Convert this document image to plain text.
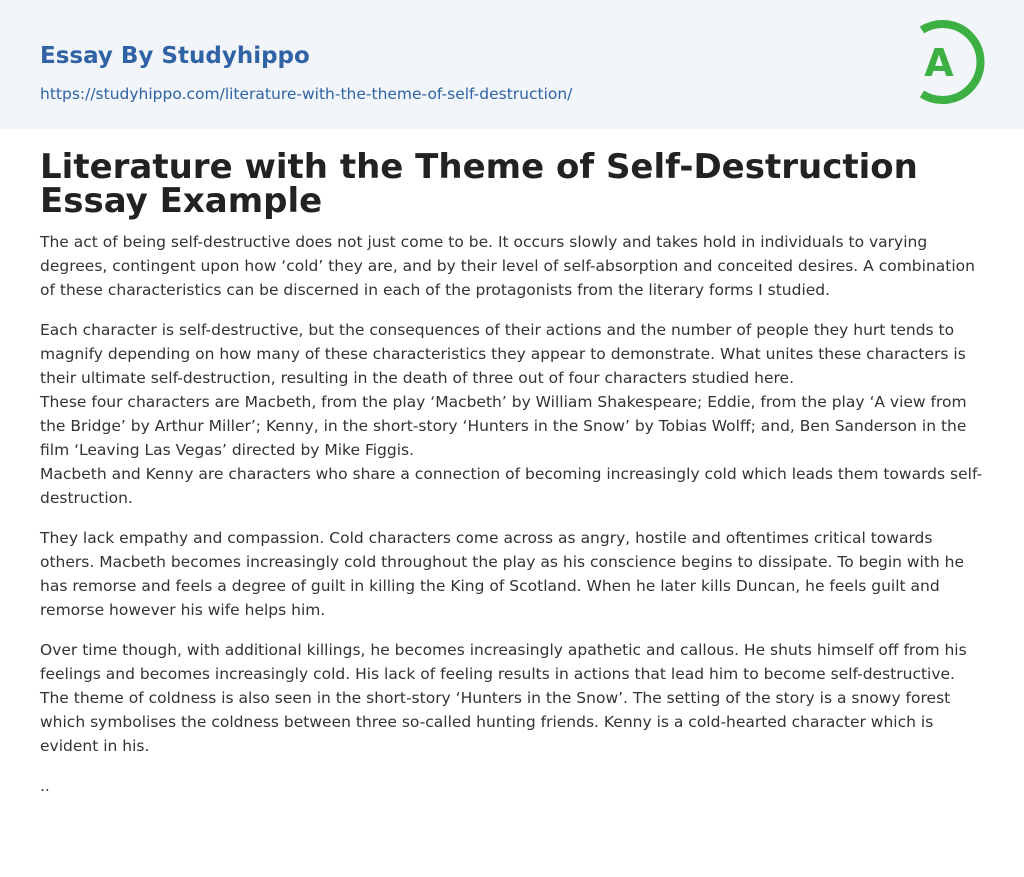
Essay By Studyhippo
https://studyhippo.com/literature-with-the-theme-of-self-destruction/
A
Literature with the Theme of Self-Destruction Essay Example

The act of being self-destructive does not just come to be. It occurs slowly and takes hold in individuals to varying degrees, contingent upon how ‘cold’ they are, and by their level of self-absorption and conceited desires. A combination of these characteristics can be discerned in each of the protagonists from the literary forms I studied.

Each character is self-destructive, but the consequences of their actions and the number of people they hurt tends to magnify depending on how many of these characteristics they appear to demonstrate. What unites these characters is their ultimate self-destruction, resulting in the death of three out of four characters studied here.

These four characters are Macbeth, from the play ‘Macbeth’ by William Shakespeare; Eddie, from the play ‘A view from the Bridge’ by Arthur Miller’; Kenny, in the short-story ‘Hunters in the Snow’ by Tobias Wolff; and, Ben Sanderson in the film ‘Leaving Las Vegas’ directed by Mike Figgis.

Macbeth and Kenny are characters who share a connection of becoming increasingly cold which leads them towards self-destruction.

They lack empathy and compassion. Cold characters come across as angry, hostile and oftentimes critical towards others. Macbeth becomes increasingly cold throughout the play as his conscience begins to dissipate. To begin with he has remorse and feels a degree of guilt in killing the King of Scotland. When he later kills Duncan, he feels guilt and remorse however his wife helps him.

Over time though, with additional killings, he becomes increasingly apathetic and callous. He shuts himself off from his feelings and becomes increasingly cold. His lack of feeling results in actions that lead him to become self-destructive.

The theme of coldness is also seen in the short-story ‘Hunters in the Snow’. The setting of the story is a snowy forest which symbolises the coldness between three so-called hunting friends. Kenny is a cold-hearted character which is evident in his.

..
